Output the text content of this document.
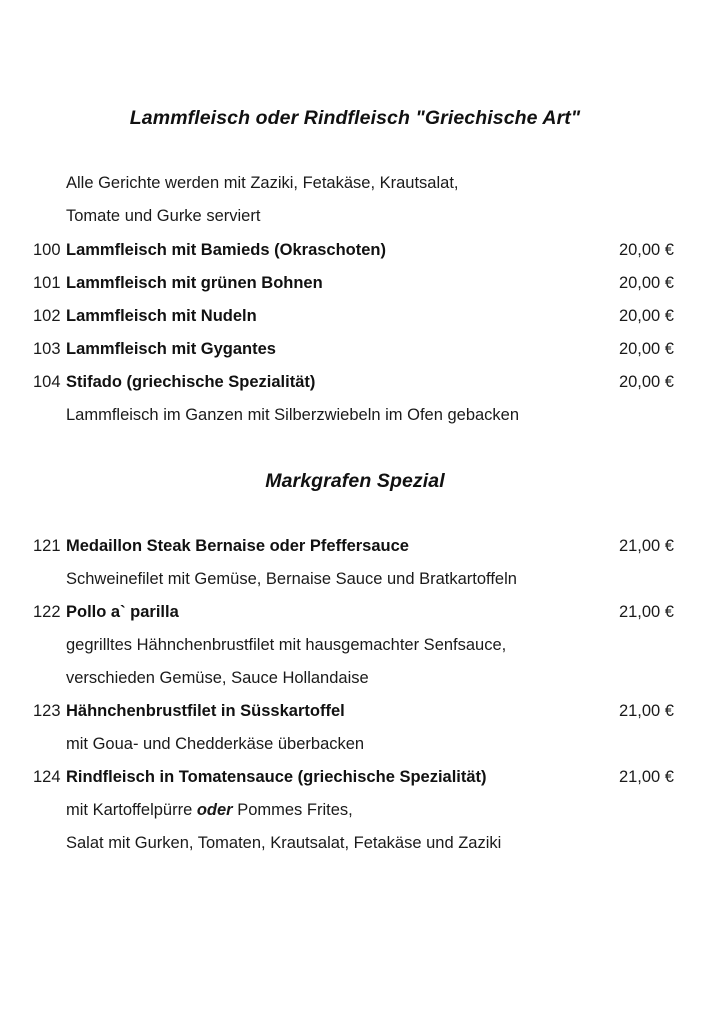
Lammfleisch oder Rindfleisch "Griechische Art"
Alle Gerichte werden mit Zaziki, Fetakäse, Krautsalat,
Tomate und Gurke serviert
100 Lammfleisch mit Bamieds (Okraschoten)	20,00 €
101 Lammfleisch mit grünen Bohnen	20,00 €
102 Lammfleisch mit Nudeln	20,00 €
103 Lammfleisch mit Gygantes	20,00 €
104 Stifado (griechische Spezialität)	20,00 €
Lammfleisch im Ganzen mit Silberzwiebeln im Ofen gebacken
Markgrafen Spezial
121 Medaillon Steak Bernaise oder Pfeffersauce	21,00 €
Schweinefilet mit Gemüse, Bernaise Sauce und Bratkartoffeln
122 Pollo a` parilla	21,00 €
gegrilltes Hähnchenbrustfilet mit hausgemachter Senfsauce,
verschieden Gemüse, Sauce Hollandaise
123 Hähnchenbrustfilet in Süsskartoffel	21,00 €
mit Goua- und Chedderkäse überbacken
124 Rindfleisch in Tomatensauce (griechische Spezialität)	21,00 €
mit Kartoffelpürre oder Pommes Frites,
Salat mit Gurken, Tomaten, Krautsalat, Fetakäse und Zaziki
